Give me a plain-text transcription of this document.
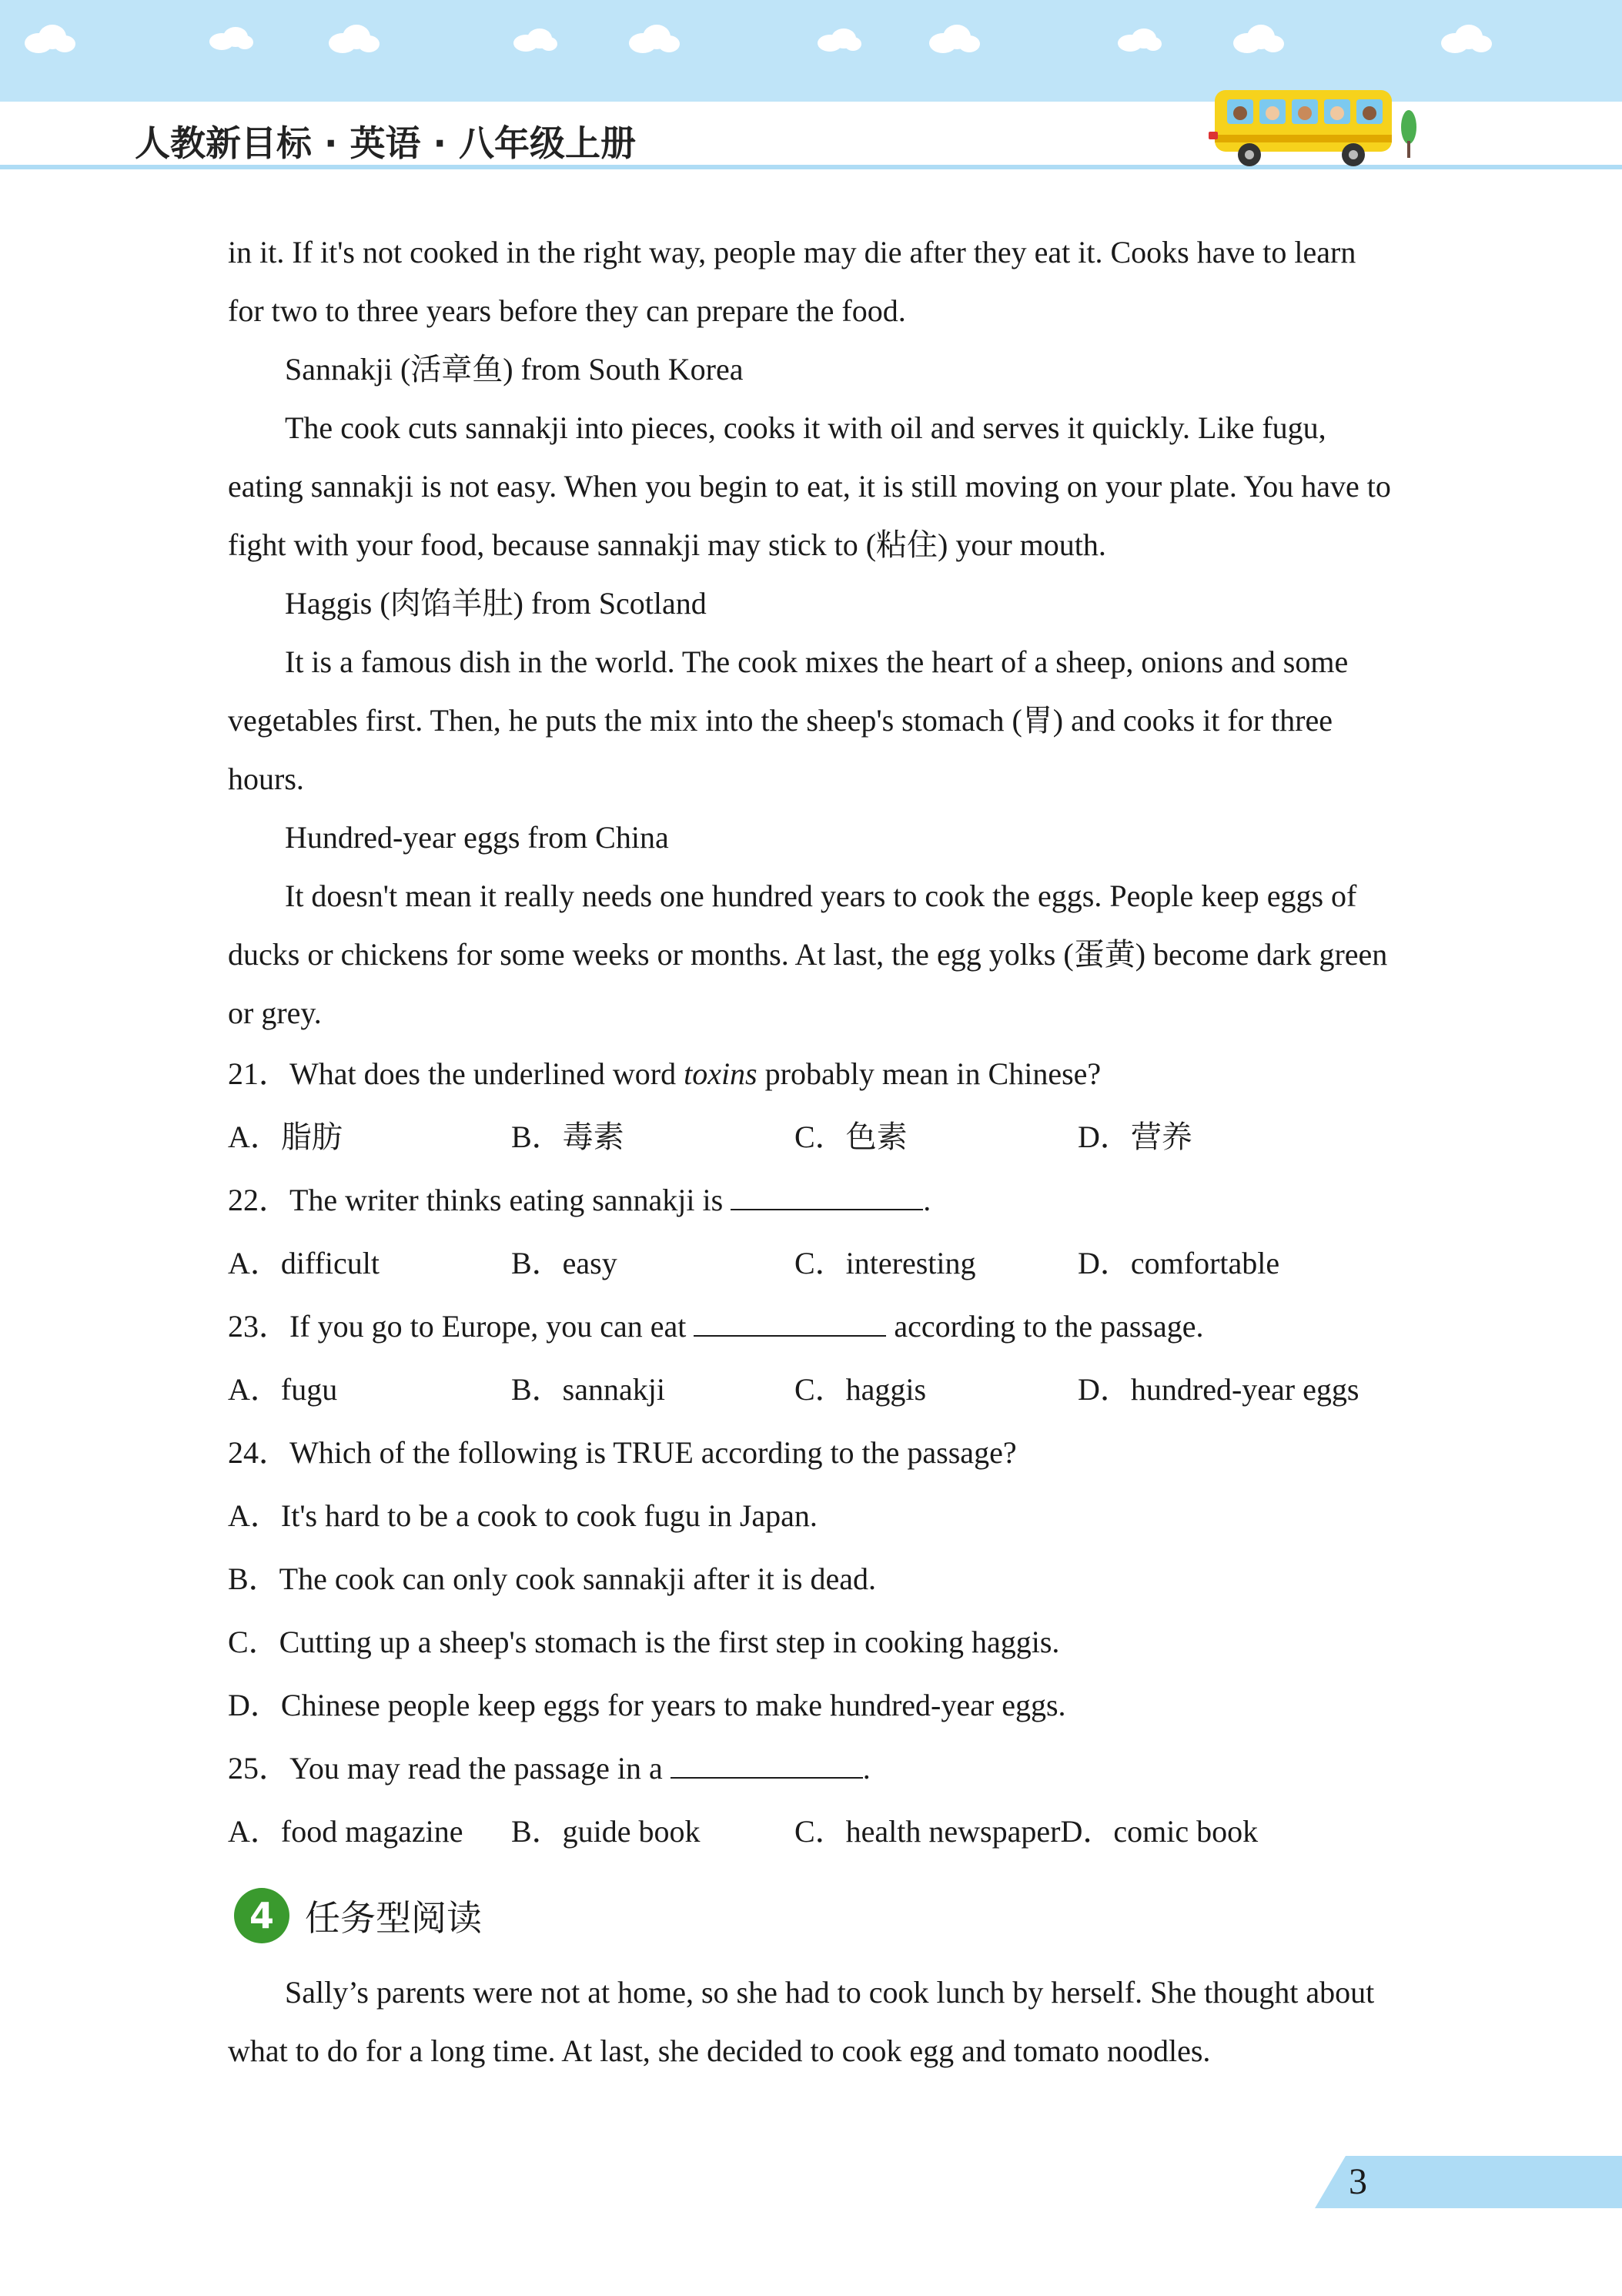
人教新目标 · 英语 · 八年级上册

in it. If it's not cooked in the right way, people may die after they eat it. Cooks have to learn for two to three years before they can prepare the food.

Sannakji (活章鱼) from South Korea

The cook cuts sannakji into pieces, cooks it with oil and serves it quickly. Like fugu, eating sannakji is not easy. When you begin to eat, it is still moving on your plate. You have to fight with your food, because sannakji may stick to (粘住) your mouth.

Haggis (肉馅羊肚) from Scotland

It is a famous dish in the world. The cook mixes the heart of a sheep, onions and some vegetables first. Then, he puts the mix into the sheep's stomach (胃) and cooks it for three hours.

Hundred-year eggs from China

It doesn't mean it really needs one hundred years to cook the eggs. People keep eggs of ducks or chickens for some weeks or months. At last, the egg yolks (蛋黄) become dark green or grey.

21．What does the underlined word toxins probably mean in Chinese?
A．脂肪	B．毒素	C．色素	D．营养
22．The writer thinks eating sannakji is	.
A．difficult	B．easy	C．interesting	D．comfortable
23．If you go to Europe, you can eat	according to the passage.
A．fugu	B．sannakji	C．haggis	D．hundred-year eggs
24．Which of the following is TRUE according to the passage?
A．It's hard to be a cook to cook fugu in Japan.
B．The cook can only cook sannakji after it is dead.
C．Cutting up a sheep's stomach is the first step in cooking haggis.
D．Chinese people keep eggs for years to make hundred-year eggs.
25．You may read the passage in a	.
A．food magazine	B．guide book	C．health newspaperD．comic book
4 任务型阅读

Sally’s parents were not at home, so she had to cook lunch by herself. She thought about what to do for a long time. At last, she decided to cook egg and tomato noodles.

3
